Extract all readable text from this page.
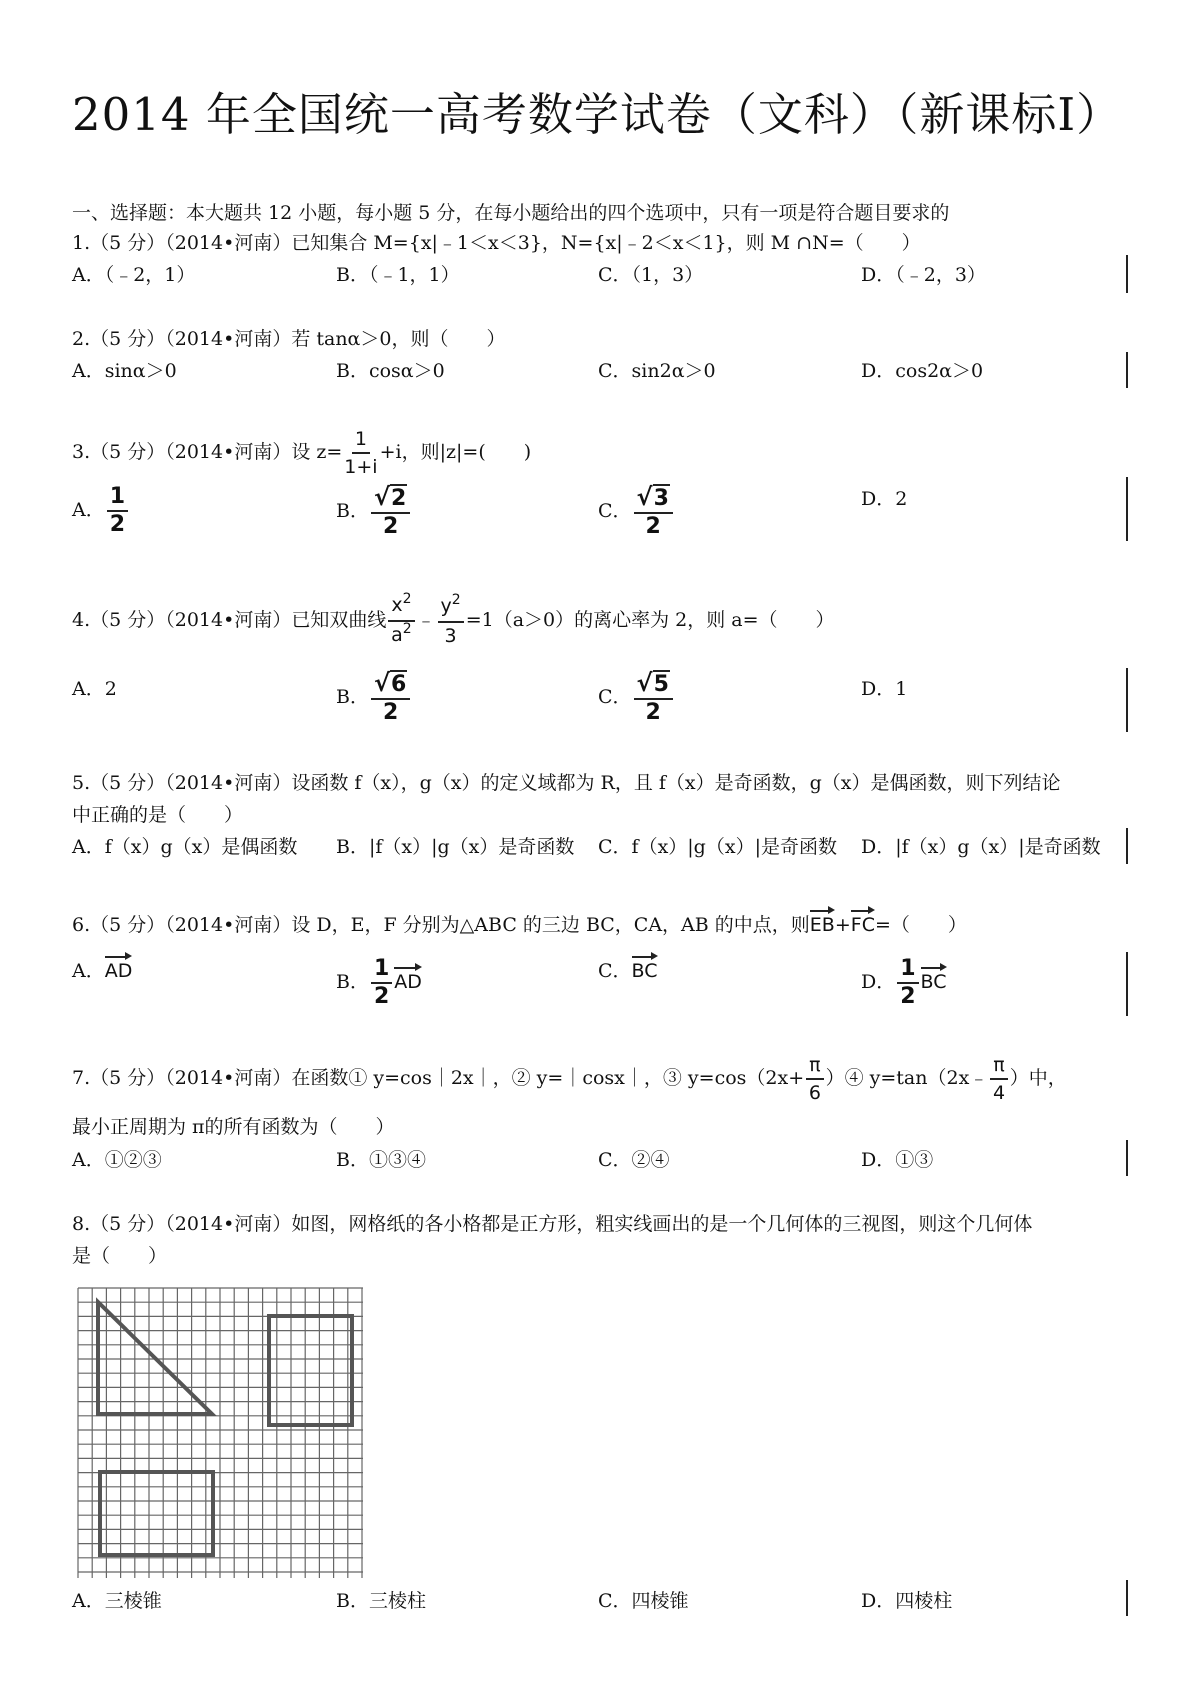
2014 年全国统一高考数学试卷（文科）（新课标Ⅰ）
一、选择题：本大题共 12 小题，每小题 5 分，在每小题给出的四个选项中，只有一项是符合题目要求的
1.（5 分）（2014•河南）已知集合 M={x|﹣1＜x＜3}，N={x|﹣2＜x＜1}，则 M ∩N=（　　）
A．（﹣2，1）	B．（﹣1，1）	C．（1，3）	D．（﹣2，3）
2.（5 分）（2014•河南）若 tanα＞0，则（　　）
A．sinα＞0	B．cosα＞0	C．sin2α＞0	D．cos2α＞0
3.（5 分）（2014•河南）设 $z= \frac{1}{1+i} +i$，则|z|=(　　)
A． $\frac{1}{2}$	B． $\frac{√2}{2}$	C． $\frac{√3}{2}$	D．2
4.（5 分）（2014•河南）已知双曲线 $\frac{x^2}{a^2}$ ﹣ $\frac{y^2}{3} =1(a>0)$的离心率为 2，则 a=（　　）
A．2	B． $\frac{√6}{2}$	C． $\frac{√5}{2}$	D．1
5.（5 分）（2014•河南）设函数 f（x），g（x）的定义域都为 R，且 f（x）是奇函数，g（x）是偶函数，则下列结论
中正确的是（　　）
A．f（x）g（x）是偶函数 B．|f（x）|g（x）是奇函数 C．f（x）|g（x）|是奇函数 D．|f（x）g（x）|是奇函数
6.（5 分）（2014•河南）设 D，E，F 分别为△ABC 的三边 BC，CA，AB 的中点，则EB+FC=（　　）
A．AD	B． $\frac{1}{2}$ AD	C．BC	D． $\frac{1}{2}$ BC
7.（5 分）（2014•河南）在函数① y=cos｜2x｜，② y=｜cosx｜，③ $y=\cos(2x+ \frac{\pi}{6}$ ）④ y=tan（2x﹣ $\frac{\pi}{4}$ ）中，
最小正周期为 π的所有函数为（　　）
A．①②③	B．①③④	C．②④	D．①③
8.（5 分）（2014•河南）如图，网格纸的各小格都是正方形，粗实线画出的是一个几何体的三视图，则这个几何体
是（　　）
A．三棱锥	B．三棱柱	C．四棱锥	D．四棱柱
